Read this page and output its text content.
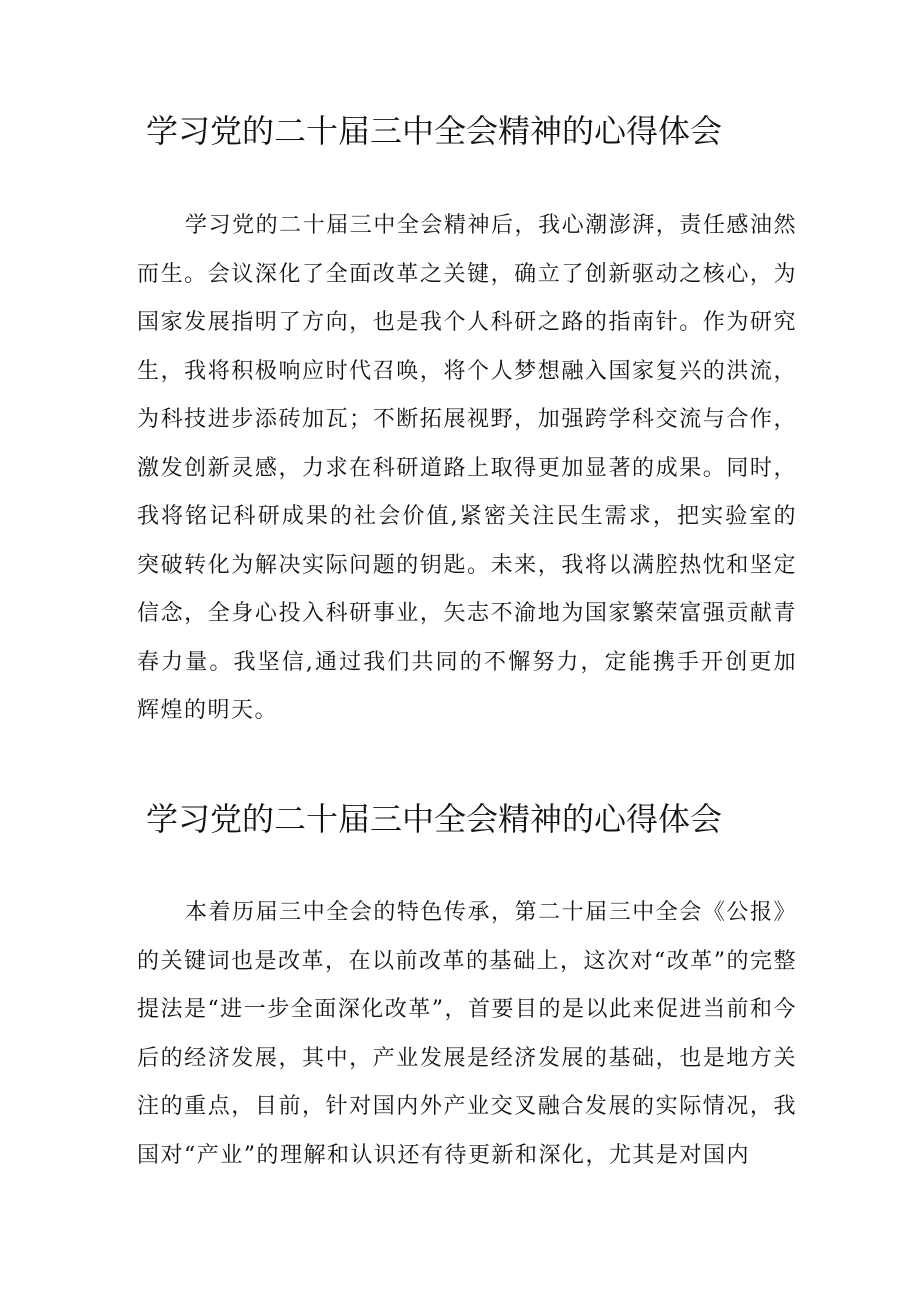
学习党的二十届三中全会精神的心得体会

学习党的二十届三中全会精神后，我心潮澎湃，责任感油然而生。会议深化了全面改革之关键，确立了创新驱动之核心，为国家发展指明了方向，也是我个人科研之路的指南针。作为研究生，我将积极响应时代召唤，将个人梦想融入国家复兴的洪流，为科技进步添砖加瓦；不断拓展视野，加强跨学科交流与合作，激发创新灵感，力求在科研道路上取得更加显著的成果。同时，我将铭记科研成果的社会价值,紧密关注民生需求，把实验室的突破转化为解决实际问题的钥匙。未来，我将以满腔热忱和坚定信念，全身心投入科研事业，矢志不渝地为国家繁荣富强贡献青春力量。我坚信,通过我们共同的不懈努力，定能携手开创更加辉煌的明天。

学习党的二十届三中全会精神的心得体会

本着历届三中全会的特色传承，第二十届三中全会《公报》的关键词也是改革，在以前改革的基础上，这次对“改革”的完整提法是“进一步全面深化改革”，首要目的是以此来促进当前和今后的经济发展，其中，产业发展是经济发展的基础，也是地方关注的重点，目前，针对国内外产业交叉融合发展的实际情况，我国对“产业”的理解和认识还有待更新和深化，尤其是对国内
